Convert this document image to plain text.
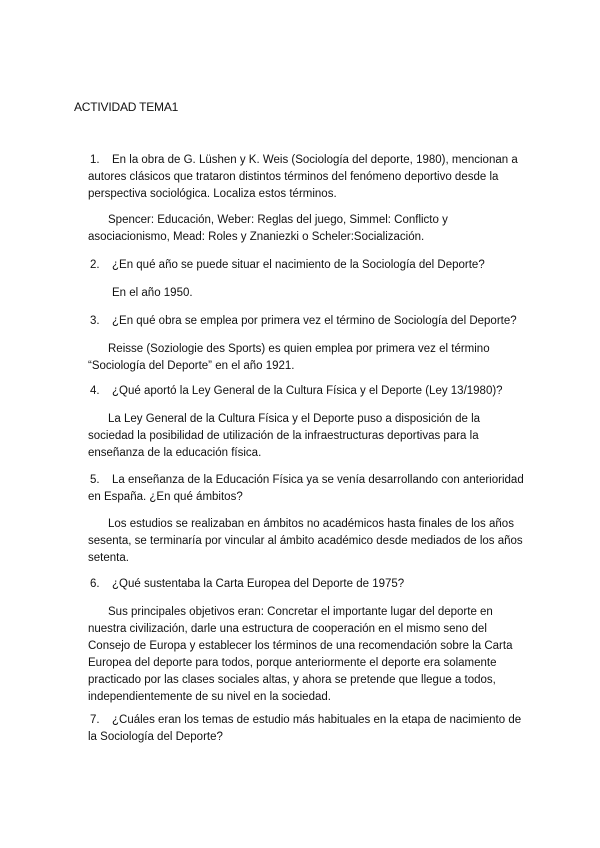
ACTIVIDAD TEMA1
1. En la obra de G. Lüshen y K. Weis (Sociología del deporte, 1980), mencionan a autores clásicos que trataron distintos términos del fenómeno deportivo desde la perspectiva sociológica. Localiza estos términos.
Spencer: Educación, Weber: Reglas del juego, Simmel: Conflicto y asociacionismo, Mead: Roles y Znaniezki o Scheler:Socialización.
2. ¿En qué año se puede situar el nacimiento de la Sociología del Deporte?
En el año 1950.
3. ¿En qué obra se emplea por primera vez el término de Sociología del Deporte?
Reisse (Soziologie des Sports) es quien emplea por primera vez el término “Sociología del Deporte” en el año 1921.
4. ¿Qué aportó la Ley General de la Cultura Física y el Deporte (Ley 13/1980)?
La Ley General de la Cultura Física y el Deporte puso a disposición de la sociedad la posibilidad de utilización de la infraestructuras deportivas para la enseñanza de la educación física.
5. La enseñanza de la Educación Física ya se venía desarrollando con anterioridad en España. ¿En qué ámbitos?
Los estudios se realizaban en ámbitos no académicos hasta finales de los años sesenta, se terminaría por vincular al ámbito académico desde mediados de los años setenta.
6. ¿Qué sustentaba la Carta Europea del Deporte de 1975?
Sus principales objetivos eran: Concretar el importante lugar del deporte en nuestra civilización, darle una estructura de cooperación en el mismo seno del Consejo de Europa y establecer los términos de una recomendación sobre la Carta Europea del deporte para todos, porque anteriormente el deporte era solamente practicado por las clases sociales altas, y ahora se pretende que llegue a todos, independientemente de su nivel en la sociedad.
7. ¿Cuáles eran los temas de estudio más habituales en la etapa de nacimiento de la Sociología del Deporte?
